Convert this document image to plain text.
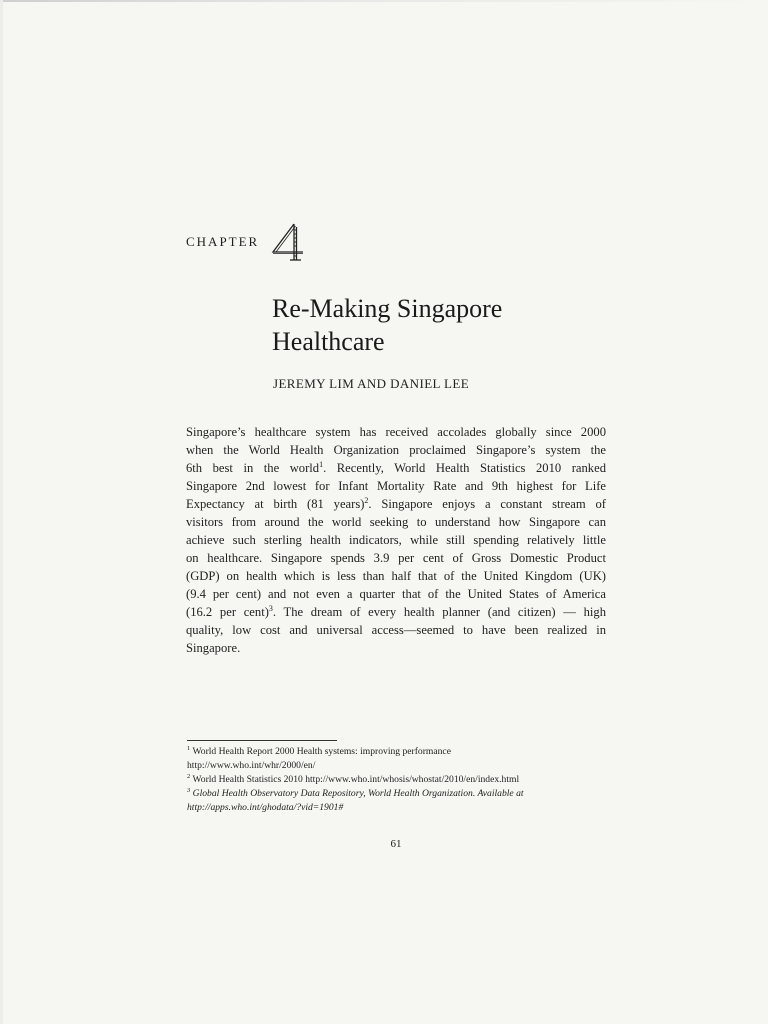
CHAPTER
4
Re-Making Singapore
Healthcare
JEREMY LIM AND DANIEL LEE
Singapore’s healthcare system has received accolades globally since 2000
when the World Health Organization proclaimed Singapore’s system the
6th best in the world$^1$. Recently, World Health Statistics 2010 ranked
Singapore 2nd lowest for Infant Mortality Rate and 9th highest for Life
Expectancy at birth (81 years)$^2$. Singapore enjoys a constant stream of
visitors from around the world seeking to understand how Singapore can
achieve such sterling health indicators, while still spending relatively little
on healthcare. Singapore spends 3.9 per cent of Gross Domestic Product
(GDP) on health which is less than half that of the United Kingdom (UK)
(9.4 per cent) and not even a quarter that of the United States of America
(16.2 per cent)$^3$. The dream of every health planner (and citizen) — high
quality, low cost and universal access—seemed to have been realized in
Singapore.
$^1$ World Health Report 2000 Health systems: improving performance
http://www.who.int/whr/2000/en/
$^2$ World Health Statistics 2010 http://www.who.int/whosis/whostat/2010/en/index.html
$^3$ Global Health Observatory Data Repository, World Health Organization. Available at
http://apps.who.int/ghodata/?vid=1901#
61
